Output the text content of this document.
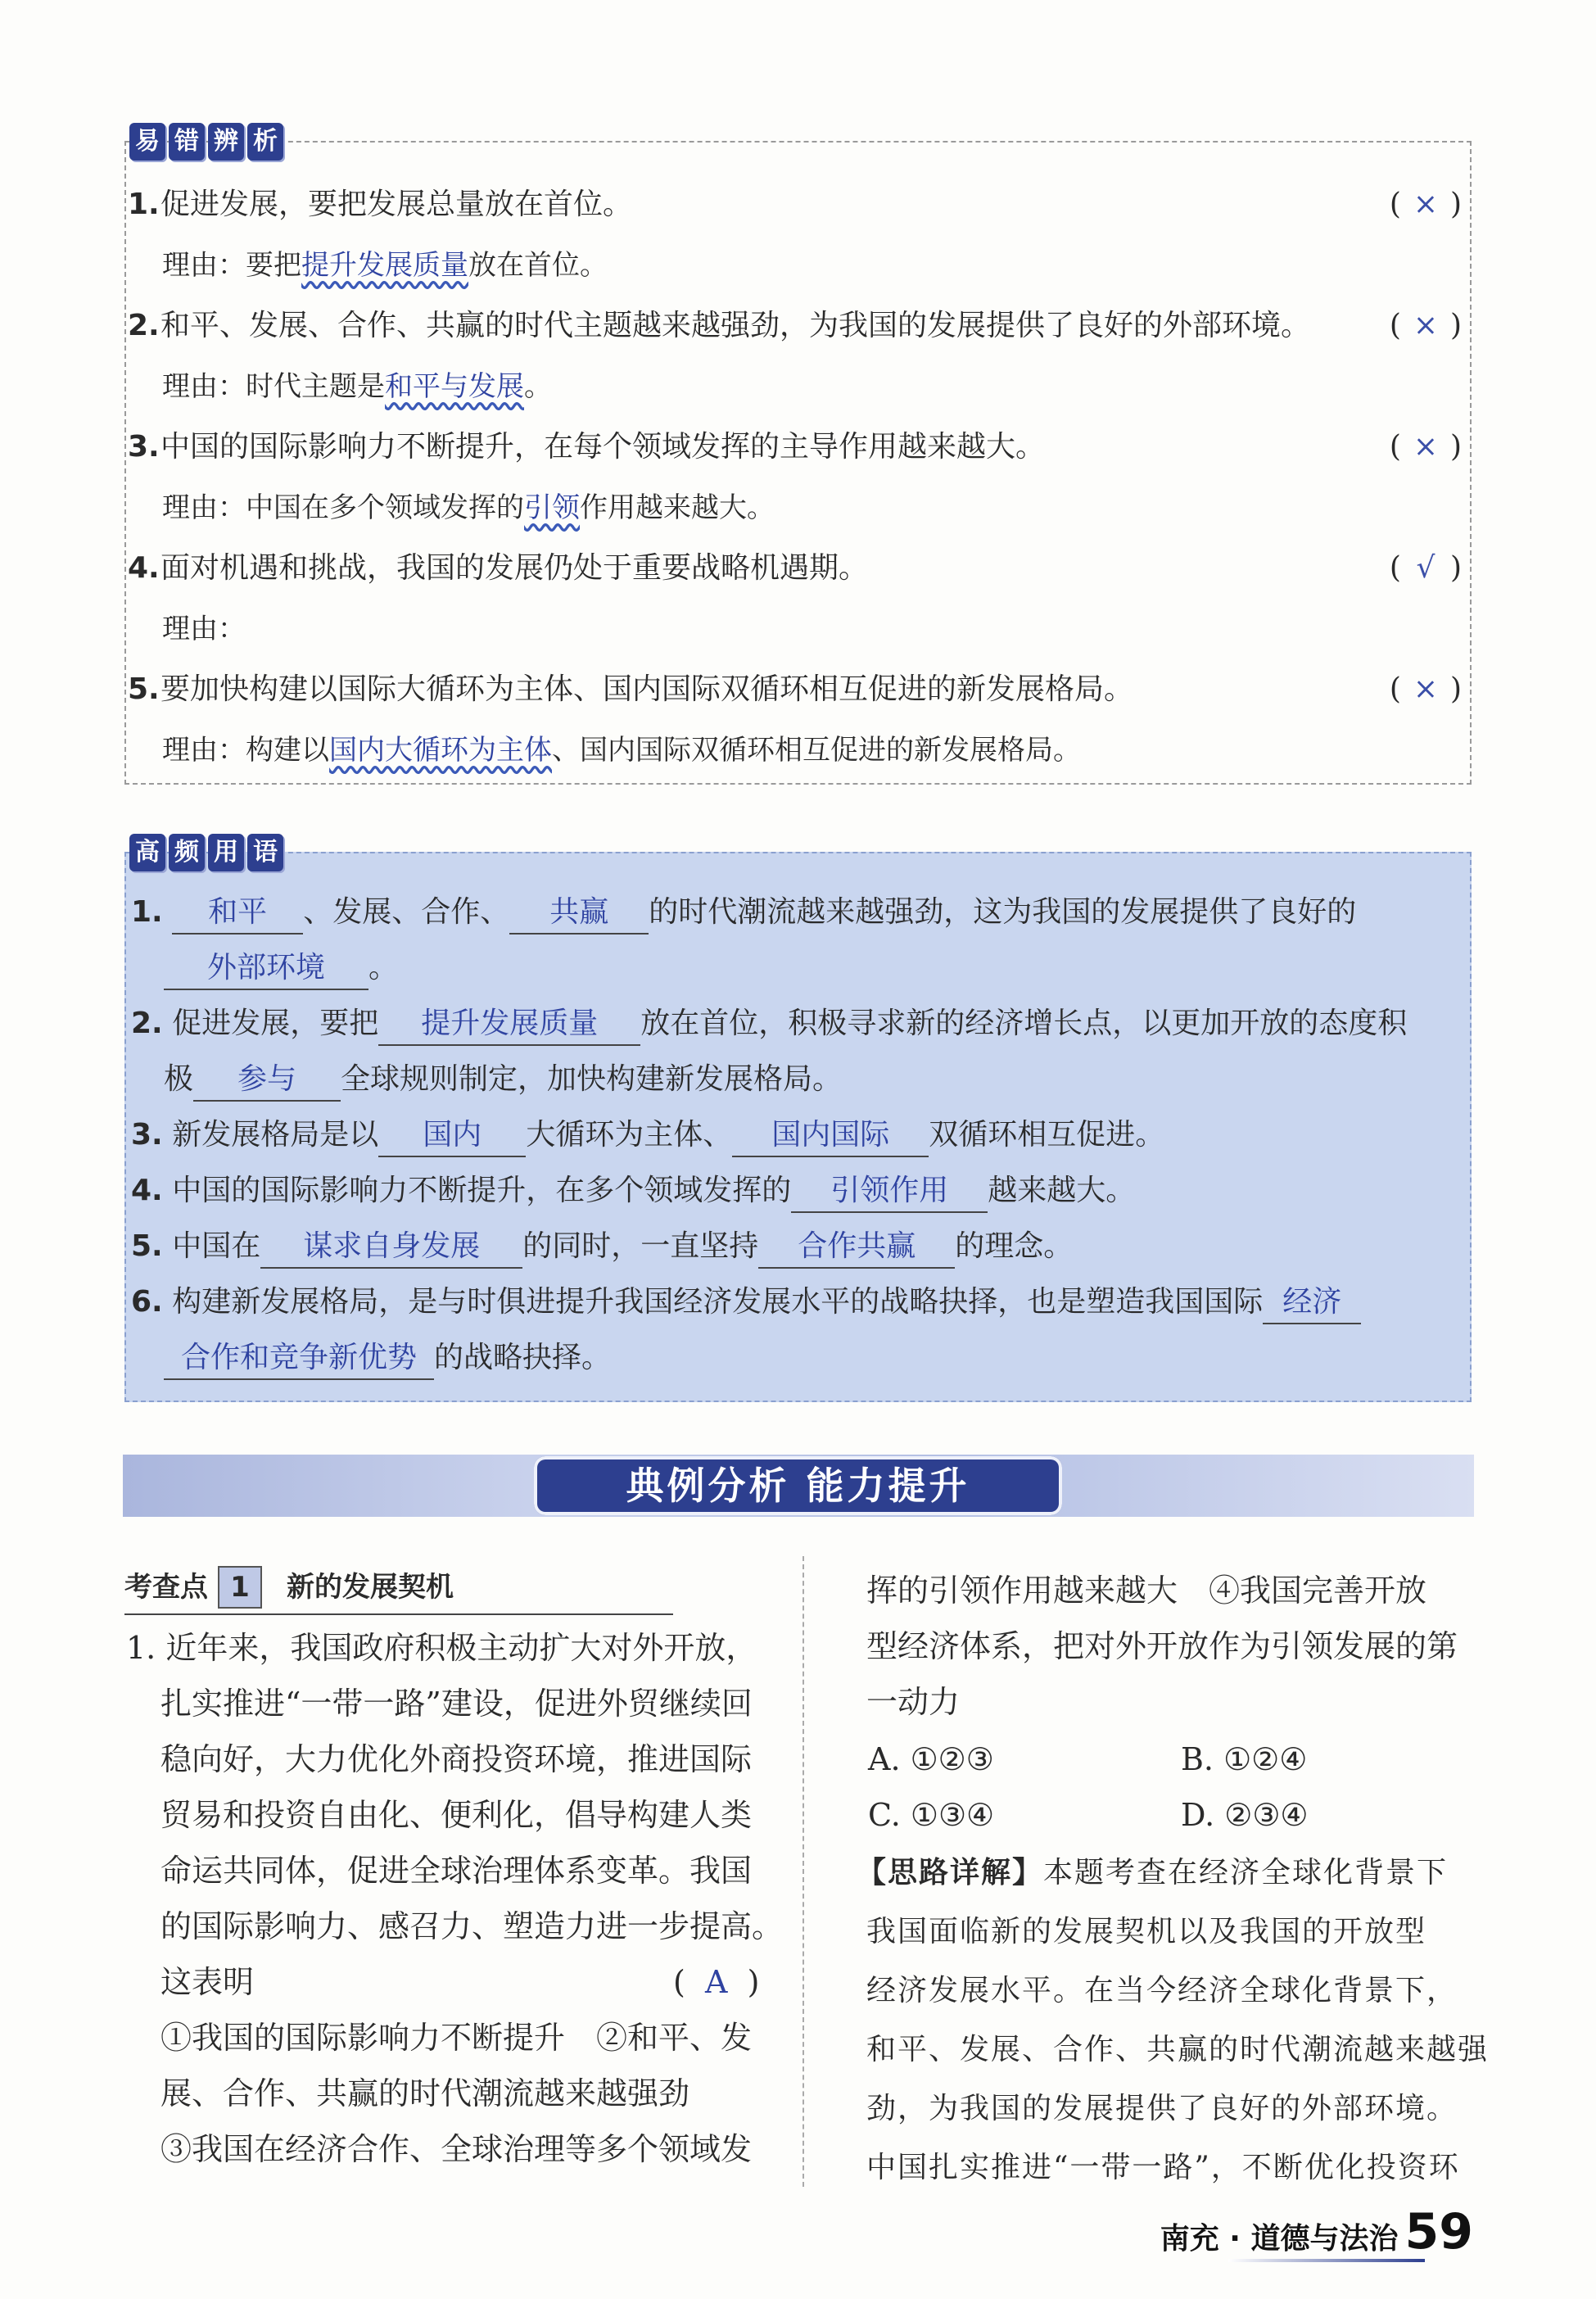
易 错 辨 析
1. 促进发展，要把发展总量放在首位。	( × )
理由：要把提升发展质量放在首位。
2. 和平、发展、合作、共赢的时代主题越来越强劲，为我国的发展提供了良好的外部环境。	( × )
理由：时代主题是和平与发展。
3. 中国的国际影响力不断提升，在每个领域发挥的主导作用越来越大。	( × )
理由：中国在多个领域发挥的引领作用越来越大。
4. 面对机遇和挑战，我国的发展仍处于重要战略机遇期。	( √ )
理由：
5. 要加快构建以国际大循环为主体、国内国际双循环相互促进的新发展格局。	( × )
理由：构建以国内大循环为主体、国内国际双循环相互促进的新发展格局。
高 频 用 语
1. 和平 、发展、合作、 共赢 的时代潮流越来越强劲，这为我国的发展提供了良好的
外部环境 。
2. 促进发展，要把 提升发展质量 放在首位，积极寻求新的经济增长点，以更加开放的态度积
极 参与 全球规则制定，加快构建新发展格局。
3. 新发展格局是以 国内 大循环为主体、 国内国际 双循环相互促进。
4. 中国的国际影响力不断提升，在多个领域发挥的 引领作用 越来越大。
5. 中国在 谋求自身发展 的同时，一直坚持 合作共赢 的理念。
6. 构建新发展格局，是与时俱进提升我国经济发展水平的战略抉择，也是塑造我国国际 经济
合作和竞争新优势 的战略抉择。
典例分析 能力提升
考查点 1 新的发展契机
1. 近年来，我国政府积极主动扩大对外开放，
扎实推进“一带一路”建设，促进外贸继续回
稳向好，大力优化外商投资环境，推进国际
贸易和投资自由化、便利化，倡导构建人类
命运共同体，促进全球治理体系变革。我国
的国际影响力、感召力、塑造力进一步提高。
这表明	( A )
①我国的国际影响力不断提升　②和平、发
展、合作、共赢的时代潮流越来越强劲
③我国在经济合作、全球治理等多个领域发
挥的引领作用越来越大　④我国完善开放
型经济体系，把对外开放作为引领发展的第
一动力
A. ①②③	B. ①②④
C. ①③④	D. ②③④
【思路详解】本题考查在经济全球化背景下
我国面临新的发展契机以及我国的开放型
经济发展水平。在当今经济全球化背景下，
和平、发展、合作、共赢的时代潮流越来越强
劲，为我国的发展提供了良好的外部环境。
中国扎实推进“一带一路”，不断优化投资环
南充 · 道德与法治 59
